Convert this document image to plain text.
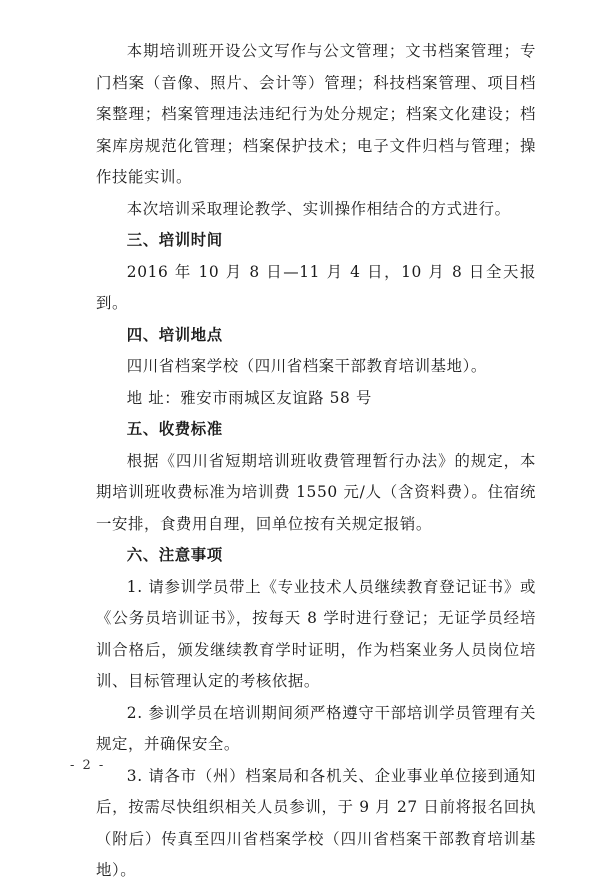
本期培训班开设公文写作与公文管理；文书档案管理；专门档案（音像、照片、会计等）管理；科技档案管理、项目档案整理；档案管理违法违纪行为处分规定；档案文化建设；档案库房规范化管理；档案保护技术；电子文件归档与管理；操作技能实训。

本次培训采取理论教学、实训操作相结合的方式进行。

三、培训时间

2016 年 10 月 8 日—11 月 4 日，10 月 8 日全天报到。

四、培训地点

四川省档案学校（四川省档案干部教育培训基地）。

地 址：雅安市雨城区友谊路 58 号

五、收费标准

根据《四川省短期培训班收费管理暂行办法》的规定，本期培训班收费标准为培训费 1550 元/人（含资料费）。住宿统一安排，食费用自理，回单位按有关规定报销。

六、注意事项

1. 请参训学员带上《专业技术人员继续教育登记证书》或《公务员培训证书》，按每天 8 学时进行登记；无证学员经培训合格后，颁发继续教育学时证明，作为档案业务人员岗位培训、目标管理认定的考核依据。

2. 参训学员在培训期间须严格遵守干部培训学员管理有关规定，并确保安全。

3. 请各市（州）档案局和各机关、企业事业单位接到通知后，按需尽快组织相关人员参训，于 9 月 27 日前将报名回执（附后）传真至四川省档案学校（四川省档案干部教育培训基地）。

- 2 -
